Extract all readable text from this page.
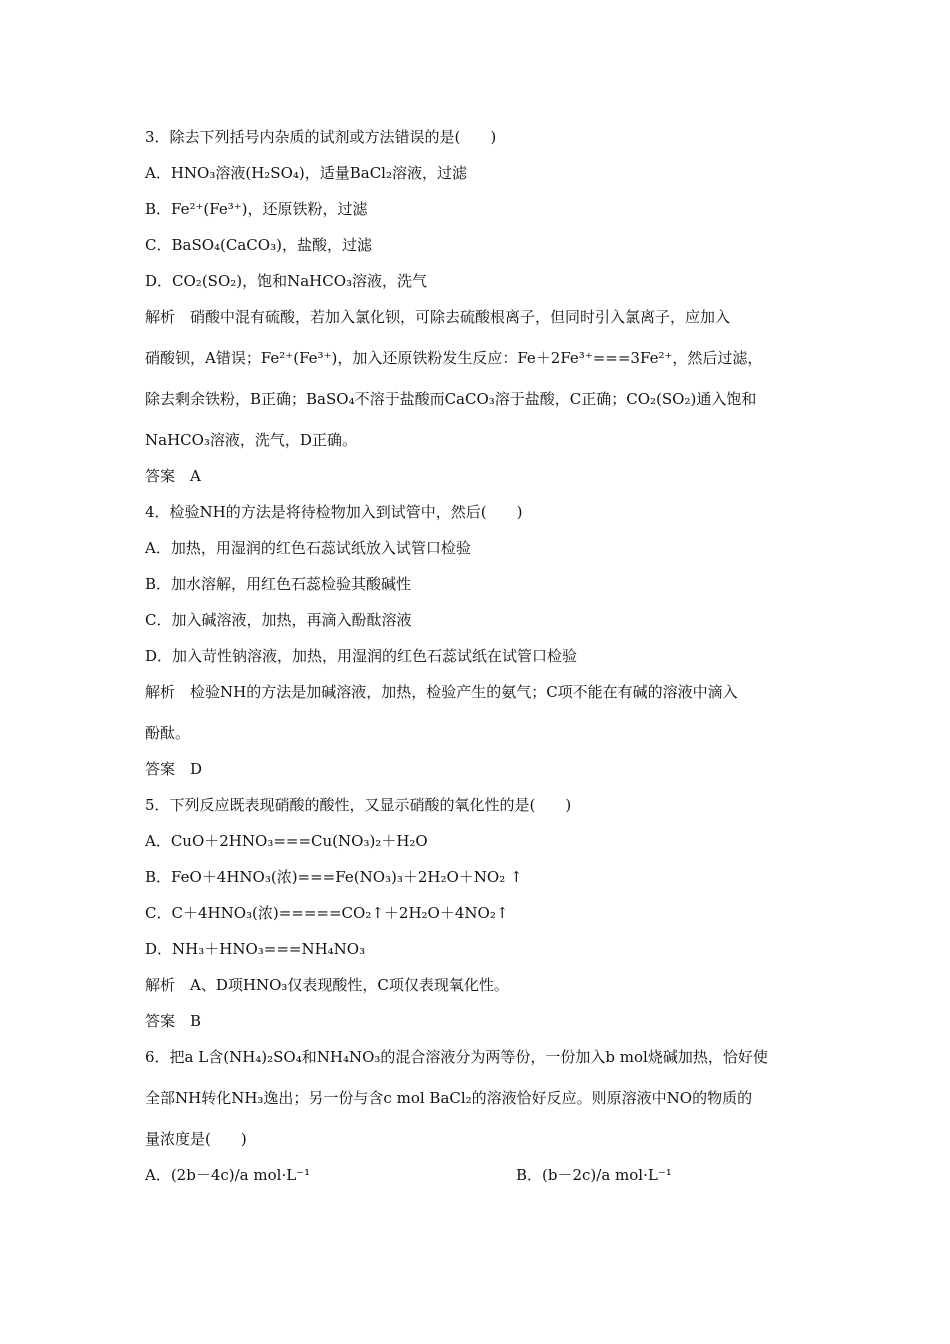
3．除去下列括号内杂质的试剂或方法错误的是(　　)
A．HNO₃溶液(H₂SO₄)，适量BaCl₂溶液，过滤
B．Fe²⁺(Fe³⁺)，还原铁粉，过滤
C．BaSO₄(CaCO₃)，盐酸，过滤
D．CO₂(SO₂)，饱和NaHCO₃溶液，洗气
解析　硝酸中混有硫酸，若加入氯化钡，可除去硫酸根离子，但同时引入氯离子，应加入
硝酸钡，A错误；Fe²⁺(Fe³⁺)，加入还原铁粉发生反应：Fe＋2Fe³⁺===3Fe²⁺，然后过滤，
除去剩余铁粉，B正确；BaSO₄不溶于盐酸而CaCO₃溶于盐酸，C正确；CO₂(SO₂)通入饱和
NaHCO₃溶液，洗气，D正确。
答案　A
4．检验NH的方法是将待检物加入到试管中，然后(　　)
A．加热，用湿润的红色石蕊试纸放入试管口检验
B．加水溶解，用红色石蕊检验其酸碱性
C．加入碱溶液，加热，再滴入酚酞溶液
D．加入苛性钠溶液，加热，用湿润的红色石蕊试纸在试管口检验
解析　检验NH的方法是加碱溶液，加热，检验产生的氨气；C项不能在有碱的溶液中滴入
酚酞。
答案　D
5．下列反应既表现硝酸的酸性，又显示硝酸的氧化性的是(　　)
A．CuO＋2HNO₃===Cu(NO₃)₂＋H₂O
B．FeO＋4HNO₃(浓)===Fe(NO₃)₃＋2H₂O＋NO₂ ↑
C．C＋4HNO₃(浓)=====CO₂↑＋2H₂O＋4NO₂↑
D．NH₃＋HNO₃===NH₄NO₃
解析　A、D项HNO₃仅表现酸性，C项仅表现氧化性。
答案　B
6．把a L含(NH₄)₂SO₄和NH₄NO₃的混合溶液分为两等份，一份加入b mol烧碱加热，恰好使
全部NH转化NH₃逸出；另一份与含c mol BaCl₂的溶液恰好反应。则原溶液中NO的物质的
量浓度是(　　)
A．(2b－4c)/a mol·L⁻¹	B．(b－2c)/a mol·L⁻¹
